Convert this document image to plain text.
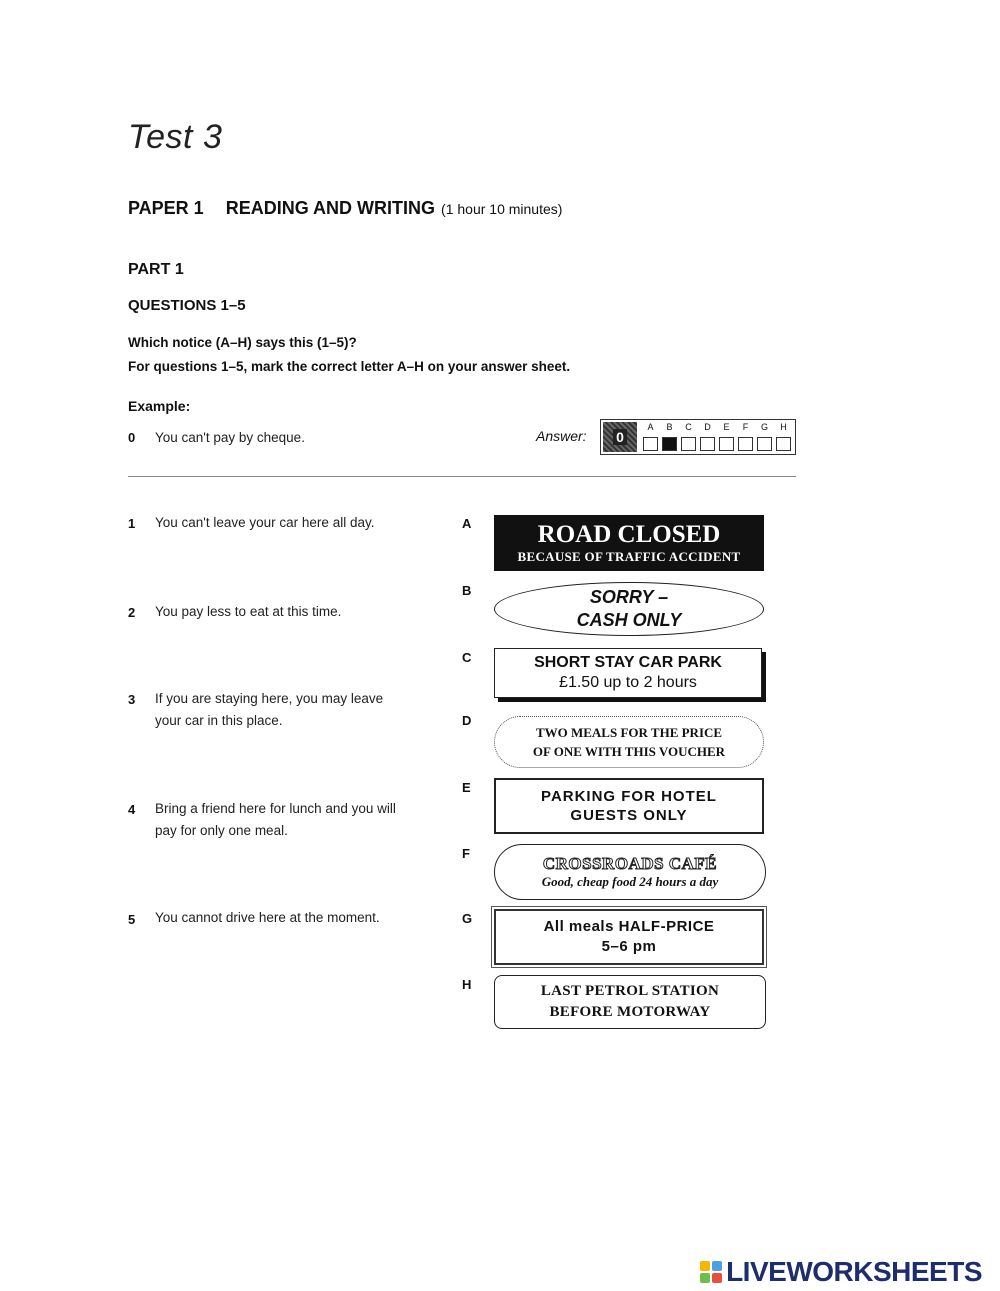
Test 3
PAPER 1 READING AND WRITING (1 hour 10 minutes)
PART 1
QUESTIONS 1–5
Which notice (A–H) says this (1–5)?
For questions 1–5, mark the correct letter A–H on your answer sheet.
Example:
0 You can't pay by cheque.	Answer: 0
A	B	C	D	E	F	G	H
1 You can't leave your car here all day.
2 You pay less to eat at this time.
3 If you are staying here, you may leave
your car in this place.
4 Bring a friend here for lunch and you will
pay for only one meal.
5 You cannot drive here at the moment.
A
B
C
D
E
F
G
H
ROAD CLOSED
BECAUSE OF TRAFFIC ACCIDENT
SORRY –
CASH ONLY
SHORT STAY CAR PARK
£1.50 up to 2 hours
TWO MEALS FOR THE PRICE
OF ONE WITH THIS VOUCHER
PARKING FOR HOTEL
GUESTS ONLY
CROSSROADS CAFÉ
Good, cheap food 24 hours a day
All meals HALF-PRICE
5–6 pm
LAST PETROL STATION
BEFORE MOTORWAY
LIVEWORKSHEETS
